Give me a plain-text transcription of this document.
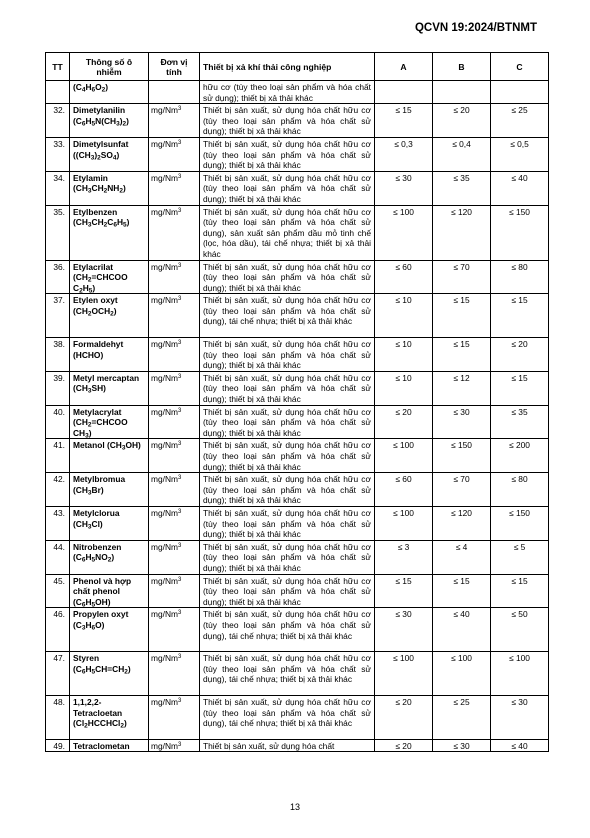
QCVN 19:2024/BTNMT
TT	Thông số ô nhiễm	Đơn vị tính	Thiết bị xả khí thải công nghiệp	A	B	C
	$(C_4H_6O_2)$		hữu cơ (tùy theo loại sản phẩm và hóa chất sử dụng); thiết bị xả thải khác			
32.	Dimetylanilin $(C_6H_5N(CH_3)_2)$	mg/Nm$^3$	Thiết bị sản xuất, sử dụng hóa chất hữu cơ (tùy theo loại sản phẩm và hóa chất sử dụng); thiết bị xả thải khác	≤ 15	≤ 20	≤ 25
33.	Dimetylsunfat $((CH_3)_2SO_4)$	mg/Nm$^3$	Thiết bị sản xuất, sử dụng hóa chất hữu cơ (tùy theo loại sản phẩm và hóa chất sử dụng); thiết bị xả thải khác	≤ 0,3	≤ 0,4	≤ 0,5
34.	Etylamin $(CH_3CH_2NH_2)$	mg/Nm$^3$	Thiết bị sản xuất, sử dụng hóa chất hữu cơ (tùy theo loại sản phẩm và hóa chất sử dụng); thiết bị xả thải khác	≤ 30	≤ 35	≤ 40
35.	Etylbenzen $(CH_3CH_2C_6H_5)$	mg/Nm$^3$	Thiết bị sản xuất, sử dụng hóa chất hữu cơ (tùy theo loại sản phẩm và hóa chất sử dụng), sản xuất sản phẩm dầu mỏ tinh chế (lọc, hóa dầu), tái chế nhựa; thiết bị xả thải khác	≤ 100	≤ 120	≤ 150
36.	Etylacrilat ($CH_2=CHCOO$ $C_2H_5$)	mg/Nm$^3$	Thiết bị sản xuất, sử dụng hóa chất hữu cơ (tùy theo loại sản phẩm và hóa chất sử dụng); thiết bị xả thải khác	≤ 60	≤ 70	≤ 80
37.	Etylen oxyt $(CH_2OCH_2)$	mg/Nm$^3$	Thiết bị sản xuất, sử dụng hóa chất hữu cơ (tùy theo loại sản phẩm và hóa chất sử dụng), tái chế nhựa; thiết bị xả thải khác	≤ 10	≤ 15	≤ 15
38.	Formaldehyt (HCHO)	mg/Nm$^3$	Thiết bị sản xuất, sử dụng hóa chất hữu cơ (tùy theo loại sản phẩm và hóa chất sử dụng); thiết bị xả thải khác	≤ 10	≤ 15	≤ 20
39.	Metyl mercaptan $(CH_3SH)$	mg/Nm$^3$	Thiết bị sản xuất, sử dụng hóa chất hữu cơ (tùy theo loại sản phẩm và hóa chất sử dụng); thiết bị xả thải khác	≤ 10	≤ 12	≤ 15
40.	Metylacrylat ($CH_2=CHCOO$ $CH_3$)	mg/Nm$^3$	Thiết bị sản xuất, sử dụng hóa chất hữu cơ (tùy theo loại sản phẩm và hóa chất sử dụng); thiết bị xả thải khác	≤ 20	≤ 30	≤ 35
41.	Metanol $(CH_3OH)$	mg/Nm$^3$	Thiết bị sản xuất, sử dụng hóa chất hữu cơ (tùy theo loại sản phẩm và hóa chất sử dụng); thiết bị xả thải khác	≤ 100	≤ 150	≤ 200
42.	Metylbromua $(CH_3Br)$	mg/Nm$^3$	Thiết bị sản xuất, sử dụng hóa chất hữu cơ (tùy theo loại sản phẩm và hóa chất sử dụng); thiết bị xả thải khác	≤ 60	≤ 70	≤ 80
43.	Metylclorua $(CH_3Cl)$	mg/Nm$^3$	Thiết bị sản xuất, sử dụng hóa chất hữu cơ (tùy theo loại sản phẩm và hóa chất sử dụng); thiết bị xả thải khác	≤ 100	≤ 120	≤ 150
44.	Nitrobenzen $(C_6H_5NO_2)$	mg/Nm$^3$	Thiết bị sản xuất, sử dụng hóa chất hữu cơ (tùy theo loại sản phẩm và hóa chất sử dụng); thiết bị xả thải khác	≤ 3	≤ 4	≤ 5
45.	Phenol và hợp chất phenol $(C_6H_5OH)$	mg/Nm$^3$	Thiết bị sản xuất, sử dụng hóa chất hữu cơ (tùy theo loại sản phẩm và hóa chất sử dụng); thiết bị xả thải khác	≤ 15	≤ 15	≤ 15
46.	Propylen oxyt $(C_3H_6O)$	mg/Nm$^3$	Thiết bị sản xuất, sử dụng hóa chất hữu cơ (tùy theo loại sản phẩm và hóa chất sử dụng), tái chế nhựa; thiết bị xả thải khác	≤ 30	≤ 40	≤ 50
47.	Styren $(C_6H_5CH=CH_2)$	mg/Nm$^3$	Thiết bị sản xuất, sử dụng hóa chất hữu cơ (tùy theo loại sản phẩm và hóa chất sử dụng), tái chế nhựa; thiết bị xả thải khác	≤ 100	≤ 100	≤ 100
48.	1,1,2,2-Tetracloetan $(Cl_2HCCHCl_2)$	mg/Nm$^3$	Thiết bị sản xuất, sử dụng hóa chất hữu cơ (tùy theo loại sản phẩm và hóa chất sử dụng), tái chế nhựa; thiết bị xả thải khác	≤ 20	≤ 25	≤ 30
49.	Tetraclometan	mg/Nm$^3$	Thiết bị sản xuất, sử dụng hóa chất	≤ 20	≤ 30	≤ 40
13
